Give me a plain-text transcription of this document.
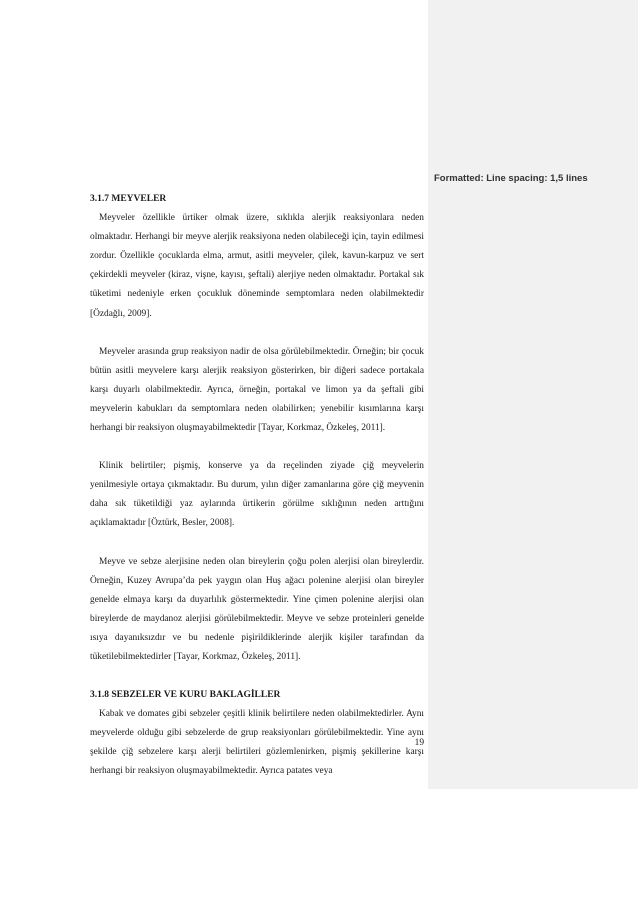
3.1.7 MEYVELER

Meyveler özellikle ürtiker olmak üzere, sıklıkla alerjik reaksiyonlara neden olmaktadır. Herhangi bir meyve alerjik reaksiyona neden olabileceği için, tayin edilmesi zordur. Özellikle çocuklarda elma, armut, asitli meyveler, çilek, kavun-karpuz ve sert çekirdekli meyveler (kiraz, vişne, kayısı, şeftali) alerjiye neden olmaktadır. Portakal sık tüketimi nedeniyle erken çocukluk döneminde semptomlara neden olabilmektedir [Özdağlı, 2009].

Meyveler arasında grup reaksiyon nadir de olsa görülebilmektedir. Örneğin; bir çocuk bütün asitli meyvelere karşı alerjik reaksiyon gösterirken, bir diğeri sadece portakala karşı duyarlı olabilmektedir. Ayrıca, örneğin, portakal ve limon ya da şeftali gibi meyvelerin kabukları da semptomlara neden olabilirken; yenebilir kısımlarına karşı herhangi bir reaksiyon oluşmayabilmektedir [Tayar, Korkmaz, Özkeleş, 2011].

Klinik belirtiler; pişmiş, konserve ya da reçelinden ziyade çiğ meyvelerin yenilmesiyle ortaya çıkmaktadır. Bu durum, yılın diğer zamanlarına göre çiğ meyvenin daha sık tüketildiği yaz aylarında ürtikerin görülme sıklığının neden arttığını açıklamaktadır [Öztürk, Besler, 2008].

Meyve ve sebze alerjisine neden olan bireylerin çoğu polen alerjisi olan bireylerdir. Örneğin, Kuzey Avrupa’da pek yaygın olan Huş ağacı polenine alerjisi olan bireyler genelde elmaya karşı da duyarlılık göstermektedir. Yine çimen polenine alerjisi olan bireylerde de maydanoz alerjisi görülebilmektedir. Meyve ve sebze proteinleri genelde ısıya dayanıksızdır ve bu nedenle pişirildiklerinde alerjik kişiler tarafından da tüketilebilmektedirler [Tayar, Korkmaz, Özkeleş, 2011].

3.1.8 SEBZELER VE KURU BAKLAGİLLER

Kabak ve domates gibi sebzeler çeşitli klinik belirtilere neden olabilmektedirler. Aynı meyvelerde olduğu gibi sebzelerde de grup reaksiyonları görülebilmektedir. Yine aynı şekilde çiğ sebzelere karşı alerji belirtileri gözlemlenirken, pişmiş şekillerine karşı herhangi bir reaksiyon oluşmayabilmektedir. Ayrıca patates veya

19
Formatted: Line spacing: 1,5 lines
